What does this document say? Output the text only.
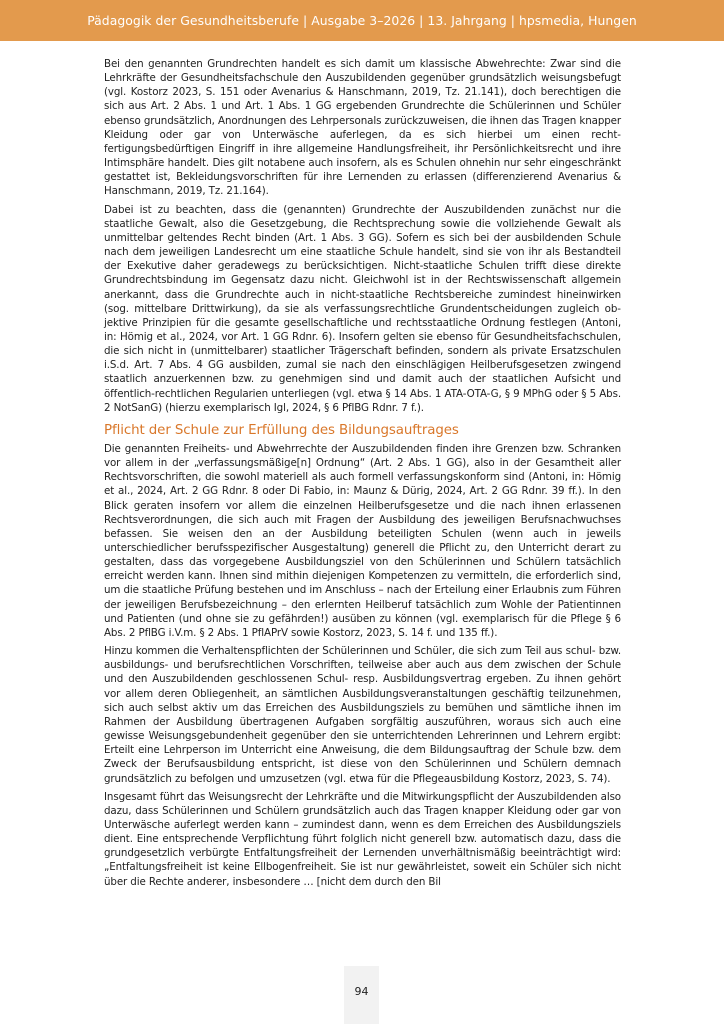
Pädagogik der Gesundheitsberufe | Ausgabe 3–2026 | 13. Jahrgang | hpsmedia, Hungen

Bei den genannten Grundrechten handelt es sich damit um klassische Abwehrechte: Zwar sind die Lehrkräfte der Gesundheitsfachschule den Auszubildenden gegenüber grundsätzlich weisungsbefugt (vgl. Kostorz 2023, S. 151 oder Avenarius & Hanschmann, 2019, Tz. 21.141), doch berechtigen die sich aus Art. 2 Abs. 1 und Art. 1 Abs. 1 GG ergebenden Grundrechte die Schülerinnen und Schüler ebenso grundsätzlich, Anordnungen des Lehrpersonals zurückzuweisen, die ihnen das Tragen knapper Kleidung oder gar von Unterwäsche auferlegen, da es sich hierbei um einen rechtfertigungsbedürftigen Eingriff in ihre allgemeine Handlungsfreiheit, ihr Persönlichkeitsrecht und ihre Intimsphäre handelt. Dies gilt notabene auch insofern, als es Schulen ohnehin nur sehr eingeschränkt gestattet ist, Bekleidungsvorschriften für ihre Lernenden zu erlassen (differenzierend Avenarius & Hanschmann, 2019, Tz. 21.164).

Dabei ist zu beachten, dass die (genannten) Grundrechte der Auszubildenden zunächst nur die staatliche Gewalt, also die Gesetzgebung, die Rechtsprechung sowie die vollziehende Gewalt als unmittelbar geltendes Recht binden (Art. 1 Abs. 3 GG). Sofern es sich bei der ausbildenden Schule nach dem jeweiligen Landesrecht um eine staatliche Schule handelt, sind sie von ihr als Bestandteil der Exekutive daher geradewegs zu berücksichtigen. Nicht-staatliche Schulen trifft diese direkte Grundrechtsbindung im Gegensatz dazu nicht. Gleichwohl ist in der Rechtswissenschaft allgemein anerkannt, dass die Grundrechte auch in nicht-staatliche Rechtsbereiche zumindest hineinwirken (sog. mittelbare Drittwirkung), da sie als verfassungsrechtliche Grundentscheidungen zugleich objektive Prinzipien für die gesamte gesellschaftliche und rechtsstaatliche Ordnung festlegen (Antoni, in: Hömig et al., 2024, vor Art. 1 GG Rdnr. 6). Insofern gelten sie ebenso für Gesundheitsfachschulen, die sich nicht in (unmittelbarer) staatlicher Trägerschaft befinden, sondern als private Ersatzschulen i.S.d. Art. 7 Abs. 4 GG ausbilden, zumal sie nach den einschlägigen Heilberufsgesetzen zwingend staatlich anzuerkennen bzw. zu genehmigen sind und damit auch der staatlichen Aufsicht und öffentlich-rechtlichen Regularien unterliegen (vgl. etwa § 14 Abs. 1 ATA-OTA-G, § 9 MPhG oder § 5 Abs. 2 NotSanG) (hierzu exemplarisch Igl, 2024, § 6 PflBG Rdnr. 7 f.).

Pflicht der Schule zur Erfüllung des Bildungsauftrages

Die genannten Freiheits- und Abwehrrechte der Auszubildenden finden ihre Grenzen bzw. Schranken vor allem in der „verfassungsmäßige[n] Ordnung“ (Art. 2 Abs. 1 GG), also in der Gesamtheit aller Rechtsvorschriften, die sowohl materiell als auch formell verfassungskonform sind (Antoni, in: Hömig et al., 2024, Art. 2 GG Rdnr. 8 oder Di Fabio, in: Maunz & Dürig, 2024, Art. 2 GG Rdnr. 39 ff.). In den Blick geraten insofern vor allem die einzelnen Heilberufsgesetze und die nach ihnen erlassenen Rechtsverordnungen, die sich auch mit Fragen der Ausbildung des jeweiligen Berufsnachwuchses befassen. Sie weisen den an der Ausbildung beteiligten Schulen (wenn auch in jeweils unterschiedlicher berufsspezifischer Ausgestaltung) generell die Pflicht zu, den Unterricht derart zu gestalten, dass das vorgegebene Ausbildungsziel von den Schülerinnen und Schülern tatsächlich erreicht werden kann. Ihnen sind mithin diejenigen Kompetenzen zu vermitteln, die erforderlich sind, um die staatliche Prüfung bestehen und im Anschluss – nach der Erteilung einer Erlaubnis zum Führen der jeweiligen Berufsbezeichnung – den erlernten Heilberuf tatsächlich zum Wohle der Patientinnen und Patienten (und ohne sie zu gefährden!) ausüben zu können (vgl. exemplarisch für die Pflege § 6 Abs. 2 PflBG i.V.m. § 2 Abs. 1 PflAPrV sowie Kostorz, 2023, S. 14 f. und 135 ff.).

Hinzu kommen die Verhaltenspflichten der Schülerinnen und Schüler, die sich zum Teil aus schul- bzw. ausbildungs- und berufsrechtlichen Vorschriften, teilweise aber auch aus dem zwischen der Schule und den Auszubildenden geschlossenen Schul- resp. Ausbildungsvertrag ergeben. Zu ihnen gehört vor allem deren Obliegenheit, an sämtlichen Ausbildungsveranstaltungen geschäftig teilzunehmen, sich auch selbst aktiv um das Erreichen des Ausbildungsziels zu bemühen und sämtliche ihnen im Rahmen der Ausbildung übertragenen Aufgaben sorgfältig auszuführen, woraus sich auch eine gewisse Weisungsgebundenheit gegenüber den sie unterrichtenden Lehrerinnen und Lehrern ergibt: Erteilt eine Lehrperson im Unterricht eine Anweisung, die dem Bildungsauftrag der Schule bzw. dem Zweck der Berufsausbildung entspricht, ist diese von den Schülerinnen und Schülern demnach grundsätzlich zu befolgen und umzusetzen (vgl. etwa für die Pflegeausbildung Kostorz, 2023, S. 74).

Insgesamt führt das Weisungsrecht der Lehrkräfte und die Mitwirkungspflicht der Auszubildenden also dazu, dass Schülerinnen und Schülern grundsätzlich auch das Tragen knapper Kleidung oder gar von Unterwäsche auferlegt werden kann – zumindest dann, wenn es dem Erreichen des Ausbildungsziels dient. Eine entsprechende Verpflichtung führt folglich nicht generell bzw. automatisch dazu, dass die grundgesetzlich verbürgte Entfaltungsfreiheit der Lernenden unverhältnismäßig beeinträchtigt wird: „Entfaltungsfreiheit ist keine Ellbogenfreiheit. Sie ist nur gewährleistet, soweit ein Schüler sich nicht über die Rechte anderer, insbesondere … [nicht dem durch den Bil

94
